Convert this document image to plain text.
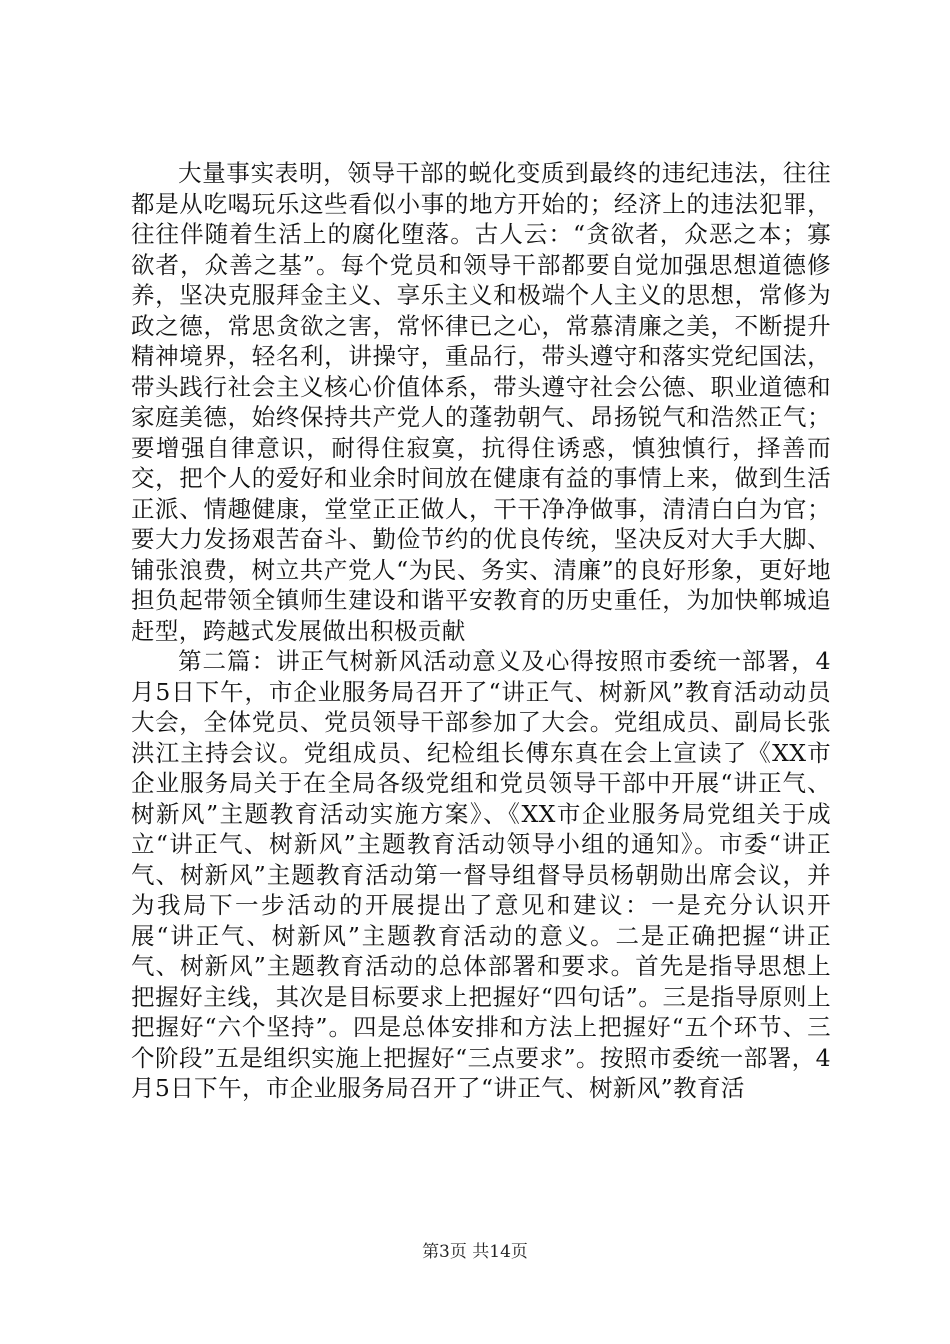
大量事实表明，领导干部的蜕化变质到最终的违纪违法，往往都是从吃喝玩乐这些看似小事的地方开始的；经济上的违法犯罪，往往伴随着生活上的腐化堕落。古人云：“贪欲者，众恶之本；寡欲者，众善之基”。每个党员和领导干部都要自觉加强思想道德修养，坚决克服拜金主义、享乐主义和极端个人主义的思想，常修为政之德，常思贪欲之害，常怀律已之心，常慕清廉之美，不断提升精神境界，轻名利，讲操守，重品行，带头遵守和落实党纪国法，带头践行社会主义核心价值体系，带头遵守社会公德、职业道德和家庭美德，始终保持共产党人的蓬勃朝气、昂扬锐气和浩然正气；要增强自律意识，耐得住寂寞，抗得住诱惑，慎独慎行，择善而交，把个人的爱好和业余时间放在健康有益的事情上来，做到生活正派、情趣健康，堂堂正正做人，干干净净做事，清清白白为官；要大力发扬艰苦奋斗、勤俭节约的优良传统，坚决反对大手大脚、铺张浪费，树立共产党人“为民、务实、清廉”的良好形象，更好地担负起带领全镇师生建设和谐平安教育的历史重任，为加快郸城追赶型，跨越式发展做出积极贡献

第二篇：讲正气树新风活动意义及心得按照市委统一部署，4月5日下午，市企业服务局召开了“讲正气、树新风”教育活动动员大会，全体党员、党员领导干部参加了大会。党组成员、副局长张洪江主持会议。党组成员、纪检组长傅东真在会上宣读了《XX市企业服务局关于在全局各级党组和党员领导干部中开展“讲正气、树新风”主题教育活动实施方案》、《XX市企业服务局党组关于成立“讲正气、树新风”主题教育活动领导小组的通知》。市委“讲正气、树新风”主题教育活动第一督导组督导员杨朝勋出席会议，并为我局下一步活动的开展提出了意见和建议：一是充分认识开展“讲正气、树新风”主题教育活动的意义。二是正确把握“讲正气、树新风”主题教育活动的总体部署和要求。首先是指导思想上把握好主线，其次是目标要求上把握好“四句话”。三是指导原则上把握好“六个坚持”。四是总体安排和方法上把握好“五个环节、三个阶段”五是组织实施上把握好“三点要求”。按照市委统一部署，4月5日下午，市企业服务局召开了“讲正气、树新风”教育活

第3页 共14页
